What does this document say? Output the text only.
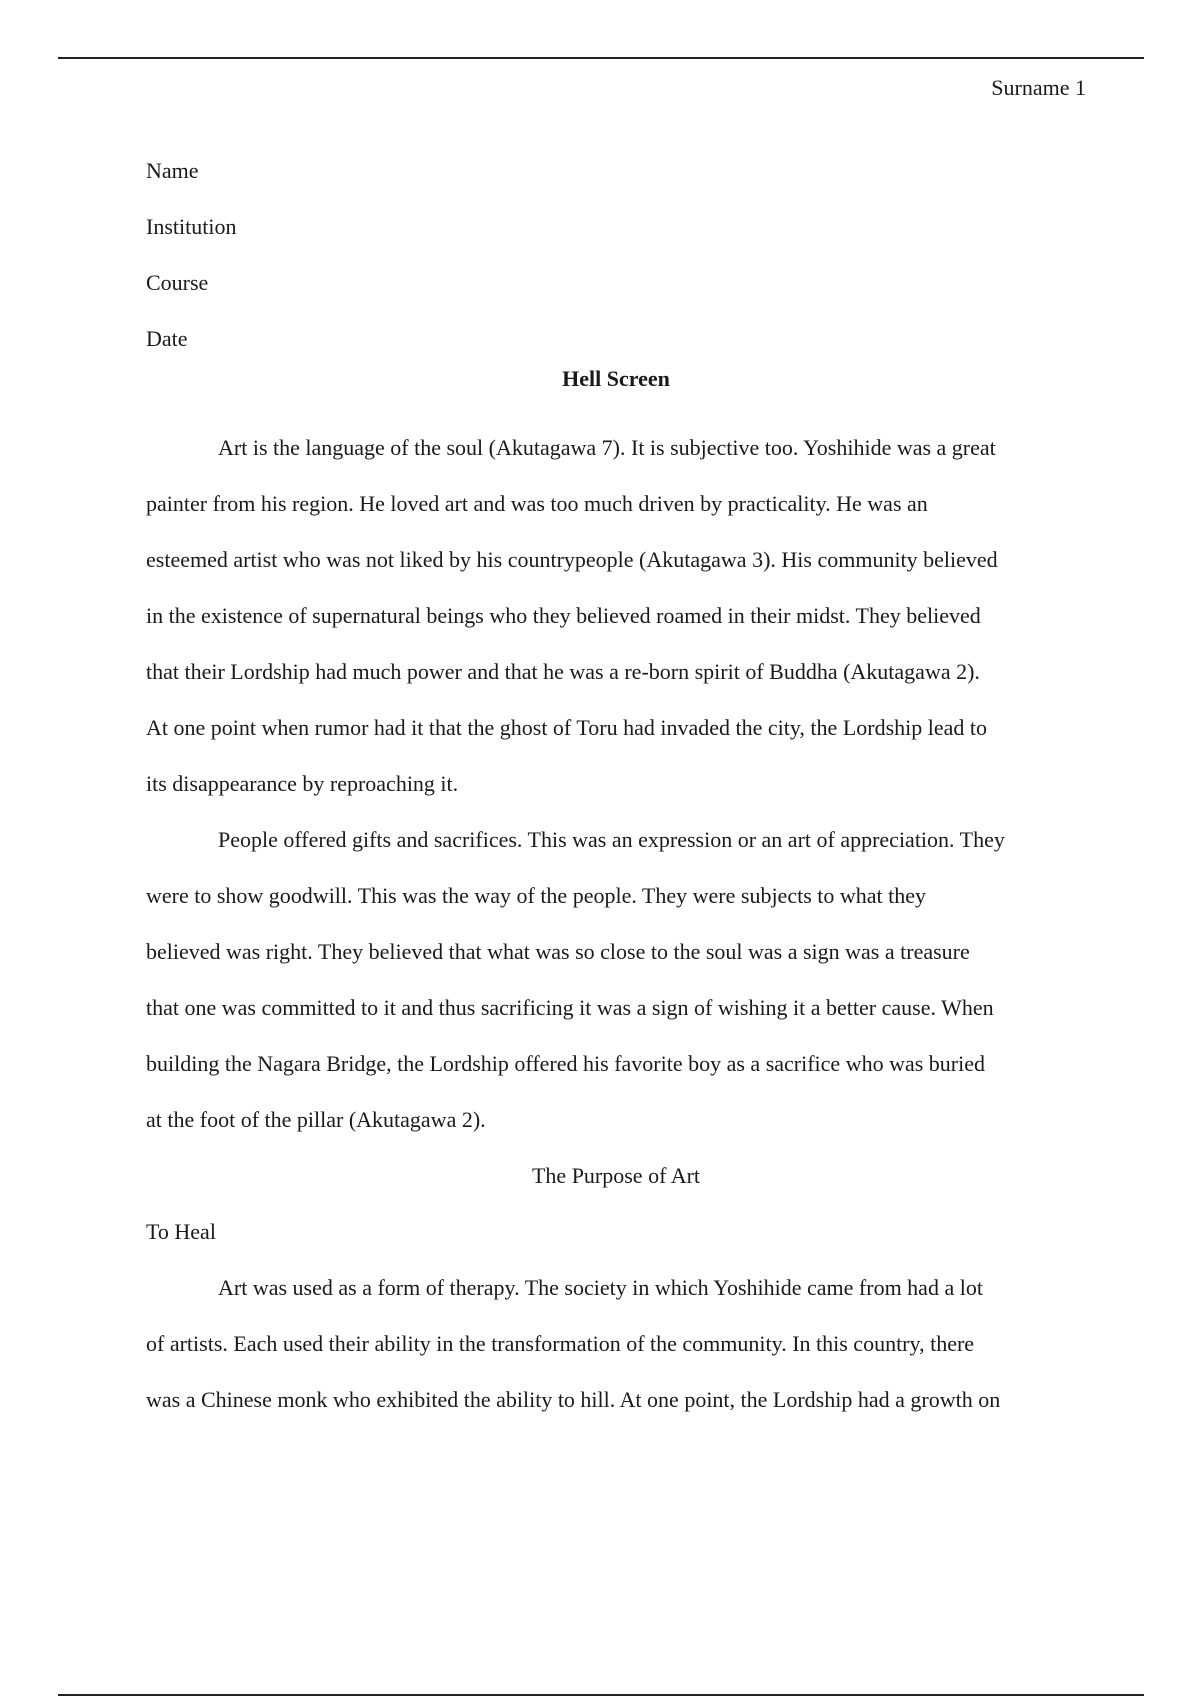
Surname 1
Name
Institution
Course
Date
Hell Screen
Art is the language of the soul (Akutagawa 7). It is subjective too. Yoshihide was a great
painter from his region. He loved art and was too much driven by practicality. He was an
esteemed artist who was not liked by his countrypeople (Akutagawa 3). His community believed
in the existence of supernatural beings who they believed roamed in their midst. They believed
that their Lordship had much power and that he was a re-born spirit of Buddha (Akutagawa 2).
At one point when rumor had it that the ghost of Toru had invaded the city, the Lordship lead to
its disappearance by reproaching it.
People offered gifts and sacrifices. This was an expression or an art of appreciation. They
were to show goodwill. This was the way of the people. They were subjects to what they
believed was right. They believed that what was so close to the soul was a sign was a treasure
that one was committed to it and thus sacrificing it was a sign of wishing it a better cause. When
building the Nagara Bridge, the Lordship offered his favorite boy as a sacrifice who was buried
at the foot of the pillar (Akutagawa 2).
The Purpose of Art
To Heal
Art was used as a form of therapy. The society in which Yoshihide came from had a lot
of artists. Each used their ability in the transformation of the community. In this country, there
was a Chinese monk who exhibited the ability to hill. At one point, the Lordship had a growth on
